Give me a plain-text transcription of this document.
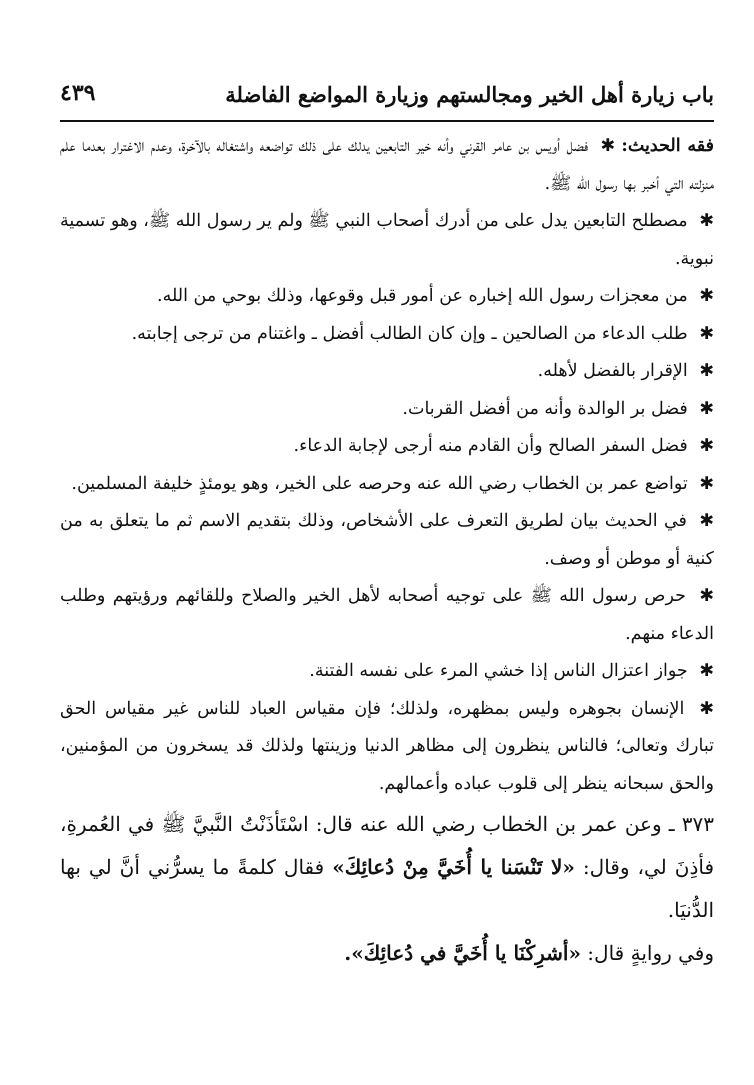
باب زيارة أهل الخير ومجالستهم وزيارة المواضع الفاضلة
٤٣٩

فقه الحديث: ✱ فضل أويس بن عامر القرني وأنه خير التابعين يدلك على ذلك تواضعه واشتغاله بالآخرة، وعدم الاغترار بعدما علم منزلته التي أخبر بها رسول الله ﷺ.

✱ مصطلح التابعين يدل على من أدرك أصحاب النبي ﷺ ولم ير رسول الله ﷺ، وهو تسمية نبوية.

✱ من معجزات رسول الله إخباره عن أمور قبل وقوعها، وذلك بوحي من الله.

✱ طلب الدعاء من الصالحين ـ وإن كان الطالب أفضل ـ واغتنام من ترجى إجابته.

✱ الإقرار بالفضل لأهله.

✱ فضل بر الوالدة وأنه من أفضل القربات.

✱ فضل السفر الصالح وأن القادم منه أرجى لإجابة الدعاء.

✱ تواضع عمر بن الخطاب رضي الله عنه وحرصه على الخير، وهو يومئذٍ خليفة المسلمين.

✱ في الحديث بيان لطريق التعرف على الأشخاص، وذلك بتقديم الاسم ثم ما يتعلق به من كنية أو موطن أو وصف.

✱ حرص رسول الله ﷺ على توجيه أصحابه لأهل الخير والصلاح وللقائهم ورؤيتهم وطلب الدعاء منهم.

✱ جواز اعتزال الناس إذا خشي المرء على نفسه الفتنة.

✱ الإنسان بجوهره وليس بمظهره، ولذلك؛ فإن مقياس العباد للناس غير مقياس الحق تبارك وتعالى؛ فالناس ينظرون إلى مظاهر الدنيا وزينتها ولذلك قد يسخرون من المؤمنين، والحق سبحانه ينظر إلى قلوب عباده وأعمالهم.

٣٧٣ ـ وعن عمر بن الخطاب رضي الله عنه قال: اسْتَأذَنْتُ النَّبيَّ ﷺ في العُمرةِ، فأذِنَ لي، وقال: «لا تَنْسَنا يا أُخَيَّ مِنْ دُعائِكَ» فقال كلمةً ما يسرُّني أنَّ لي بها الدُّنيَا.

وفي روايةٍ قال: «أشرِكْنَا يا أُخَيَّ في دُعائِكَ».
